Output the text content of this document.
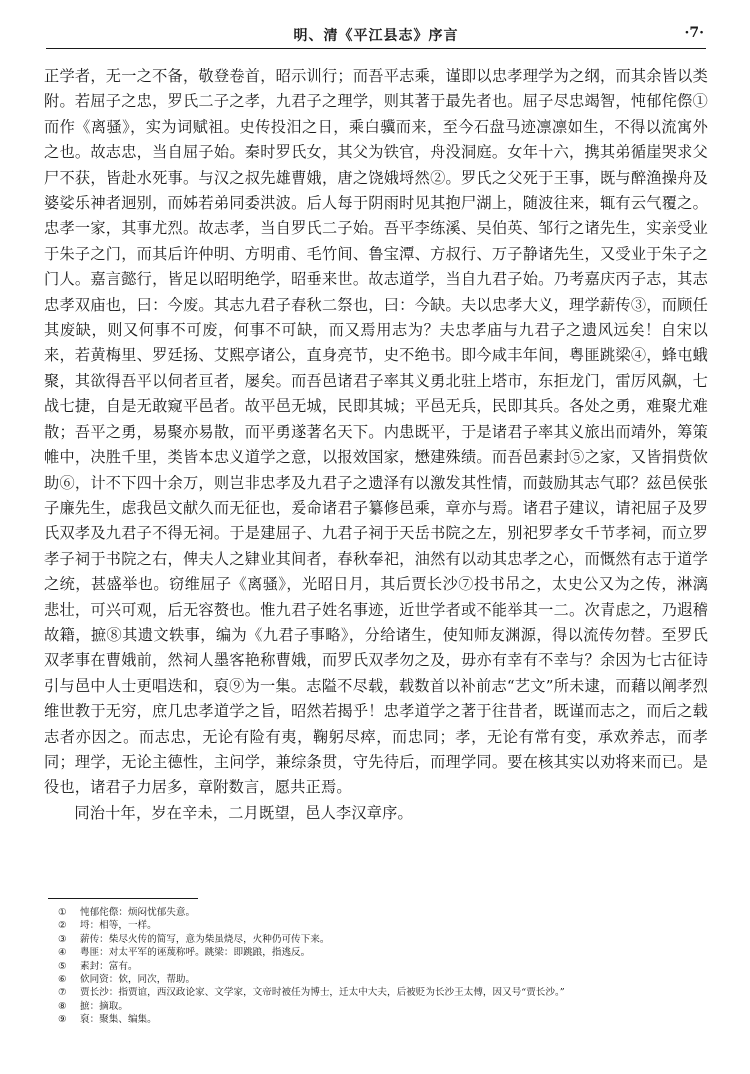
明、清《平江县志》序言	·7·

正学者，无一之不备，敬登卷首，昭示训行；而吾平志乘，谨即以忠孝理学为之纲，而其余皆以类附。若屈子之忠，罗氏二子之孝，九君子之理学，则其著于最先者也。屈子尽忠竭智，忳郁侘傺①而作《离骚》，实为词赋祖。史传投汨之日，乘白骥而来，至今石盘马迹凛凛如生，不得以流寓外之也。故志忠，当自屈子始。秦时罗氏女，其父为铁官，舟没洞庭。女年十六，携其弟循崖哭求父尸不获，皆赴水死事。与汉之叔先雄曹娥，唐之饶娥埒然②。罗氏之父死于王事，既与醉渔操舟及婆娑乐神者迥别，而姊若弟同委洪波。后人每于阴雨时见其抱尸湖上，随波往来，辄有云气覆之。忠孝一家，其事尤烈。故志孝，当自罗氏二子始。吾平李练溪、吴伯英、邹行之诸先生，实亲受业于朱子之门，而其后许仲明、方明甫、毛竹间、鲁宝潭、方叔行、万子静诸先生，又受业于朱子之门人。嘉言懿行，皆足以昭明绝学，昭垂来世。故志道学，当自九君子始。乃考嘉庆丙子志，其志忠孝双庙也，曰：今废。其志九君子春秋二祭也，曰：今缺。夫以忠孝大义，理学薪传③，而顾任其废缺，则又何事不可废，何事不可缺，而又焉用志为？夫忠孝庙与九君子之遗风远矣！自宋以来，若黄梅里、罗廷扬、艾熙亭诸公，直身亮节，史不绝书。即今咸丰年间，粤匪跳梁④，蜂屯蛾聚，其欲得吾平以伺者亘者，屡矣。而吾邑诸君子率其义勇北驻上塔市，东拒龙门，雷厉风飙，七战七捷，自是无敢窥平邑者。故平邑无城，民即其城；平邑无兵，民即其兵。各处之勇，难聚尤难散；吾平之勇，易聚亦易散，而平勇遂著名天下。内患既平，于是诸君子率其义旅出而靖外，筹策帷中，决胜千里，类皆本忠义道学之意，以报效国家，懋建殊绩。而吾邑素封⑤之家，又皆捐赀佽助⑥，计不下四十余万，则岂非忠孝及九君子之遗泽有以激发其性情，而鼓励其志气耶？兹邑侯张子廉先生，虑我邑文献久而无征也，爰命诸君子纂修邑乘，章亦与焉。诸君子建议，请祀屈子及罗氏双孝及九君子不得无祠。于是建屈子、九君子祠于天岳书院之左，别祀罗孝女千节孝祠，而立罗孝子祠于书院之右，俾夫人之肄业其间者，春秋奉祀，油然有以动其忠孝之心，而慨然有志于道学之统，甚盛举也。窃维屈子《离骚》，光昭日月，其后贾长沙⑦投书吊之，太史公又为之传，淋漓悲壮，可兴可观，后无容赘也。惟九君子姓名事迹，近世学者或不能举其一二。次青虑之，乃遐稽故籍，摭⑧其遗文轶事，编为《九君子事略》，分给诸生，使知师友渊源，得以流传勿替。至罗氏双孝事在曹娥前，然祠人墨客艳称曹娥，而罗氏双孝勿之及，毋亦有幸有不幸与？余因为七古征诗引与邑中人士更唱迭和，裒⑨为一集。志隘不尽载，载数首以补前志“艺文”所未逮，而藉以阐孝烈维世教于无穷，庶几忠孝道学之旨，昭然若揭乎！忠孝道学之著于往昔者，既谨而志之，而后之载志者亦因之。而志忠，无论有险有夷，鞠躬尽瘁，而忠同；孝，无论有常有变，承欢养志，而孝同；理学，无论主德性，主问学，兼综条贯，守先待后，而理学同。要在核其实以劝将来而已。是役也，诸君子力居多，章附数言，愿共正焉。

同治十年，岁在辛未，二月既望，邑人李汉章序。

① 忳郁侘傺：烦闷忧郁失意。
② 埒：相等，一样。
③ 薪传：柴尽火传的简写，意为柴虽烧尽，火种仍可传下来。
④ 粤匪：对太平军的诬蔑称呼。跳梁：即跳踉，指逃反。
⑤ 素封：富有。
⑥ 佽同资：佽，同次，帮助。
⑦ 贾长沙：指贾谊，西汉政论家、文学家，文帝时被任为博士，迁太中大夫，后被贬为长沙王太傅，因又号“贾长沙。”
⑧ 摭：摘取。
⑨ 裒：聚集、编集。
